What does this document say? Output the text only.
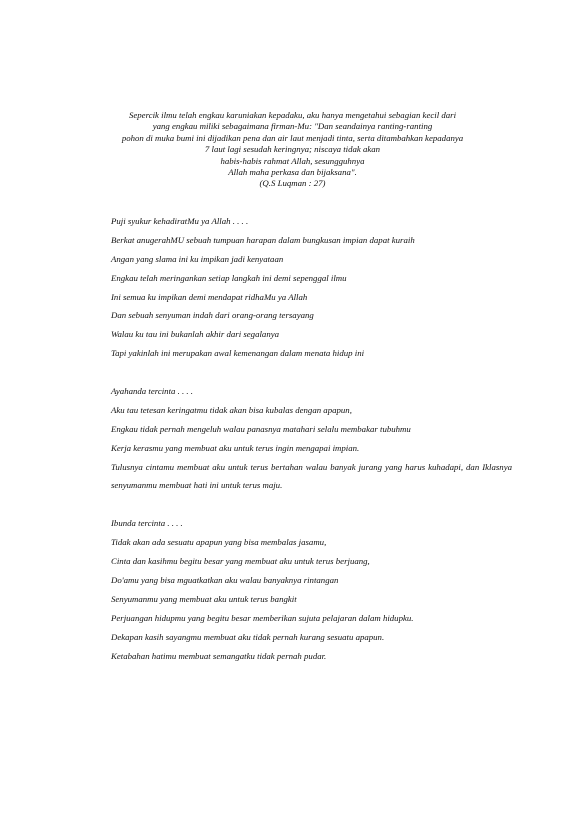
Sepercik ilmu telah engkau karuniakan kepadaku, aku hanya mengetahui sebagian kecil dari
yang engkau miliki sebagaimana firman-Mu: "Dan seandainya ranting-ranting
pohon di muka bumi ini dijadikan pena dan air laut menjadi tinta, serta ditambahkan kepadanya
7 laut lagi sesudah keringnya; niscaya tidak akan
habis-habis rahmat Allah, sesungguhnya
Allah maha perkasa dan bijaksana".
(Q.S Luqman : 27)
Puji syukur kehadiratMu ya Allah . . . .
Berkat anugerahMU sebuah tumpuan harapan dalam bungkusan impian dapat kuraih
Angan yang slama ini ku impikan jadi kenyataan
Engkau telah meringankan setiap langkah ini demi sepenggal ilmu
Ini semua ku impikan demi mendapat ridhaMu ya Allah
Dan sebuah senyuman indah dari orang-orang tersayang
Walau ku tau ini bukanlah akhir dari segalanya
Tapi yakinlah ini merupakan awal kemenangan dalam menata hidup ini
Ayahanda tercinta . . . .
Aku tau tetesan keringatmu tidak akan bisa kubalas dengan apapun,
Engkau tidak pernah mengeluh walau panasnya matahari selalu membakar tubuhmu
Kerja kerasmu yang membuat aku untuk terus ingin mengapai impian.
Tulusnya cintamu membuat aku untuk terus bertahan walau banyak jurang yang harus kuhadapi, dan Iklasnya senyumanmu membuat hati ini untuk terus maju.
Ibunda tercinta . . . .
Tidak akan ada sesuatu apapun yang bisa membalas jasamu,
Cinta dan kasihmu begitu besar yang membuat aku untuk terus berjuang,
Do'amu yang bisa mguatkatkan aku walau banyaknya rintangan
Senyumanmu yang membuat aku untuk terus bangkit
Perjuangan hidupmu yang begitu besar memberikan sujuta pelajaran dalam hidupku.
Dekapan kasih sayangmu membuat aku tidak pernah kurang sesuatu apapun.
Ketabahan hatimu membuat semangatku tidak pernah pudar.
